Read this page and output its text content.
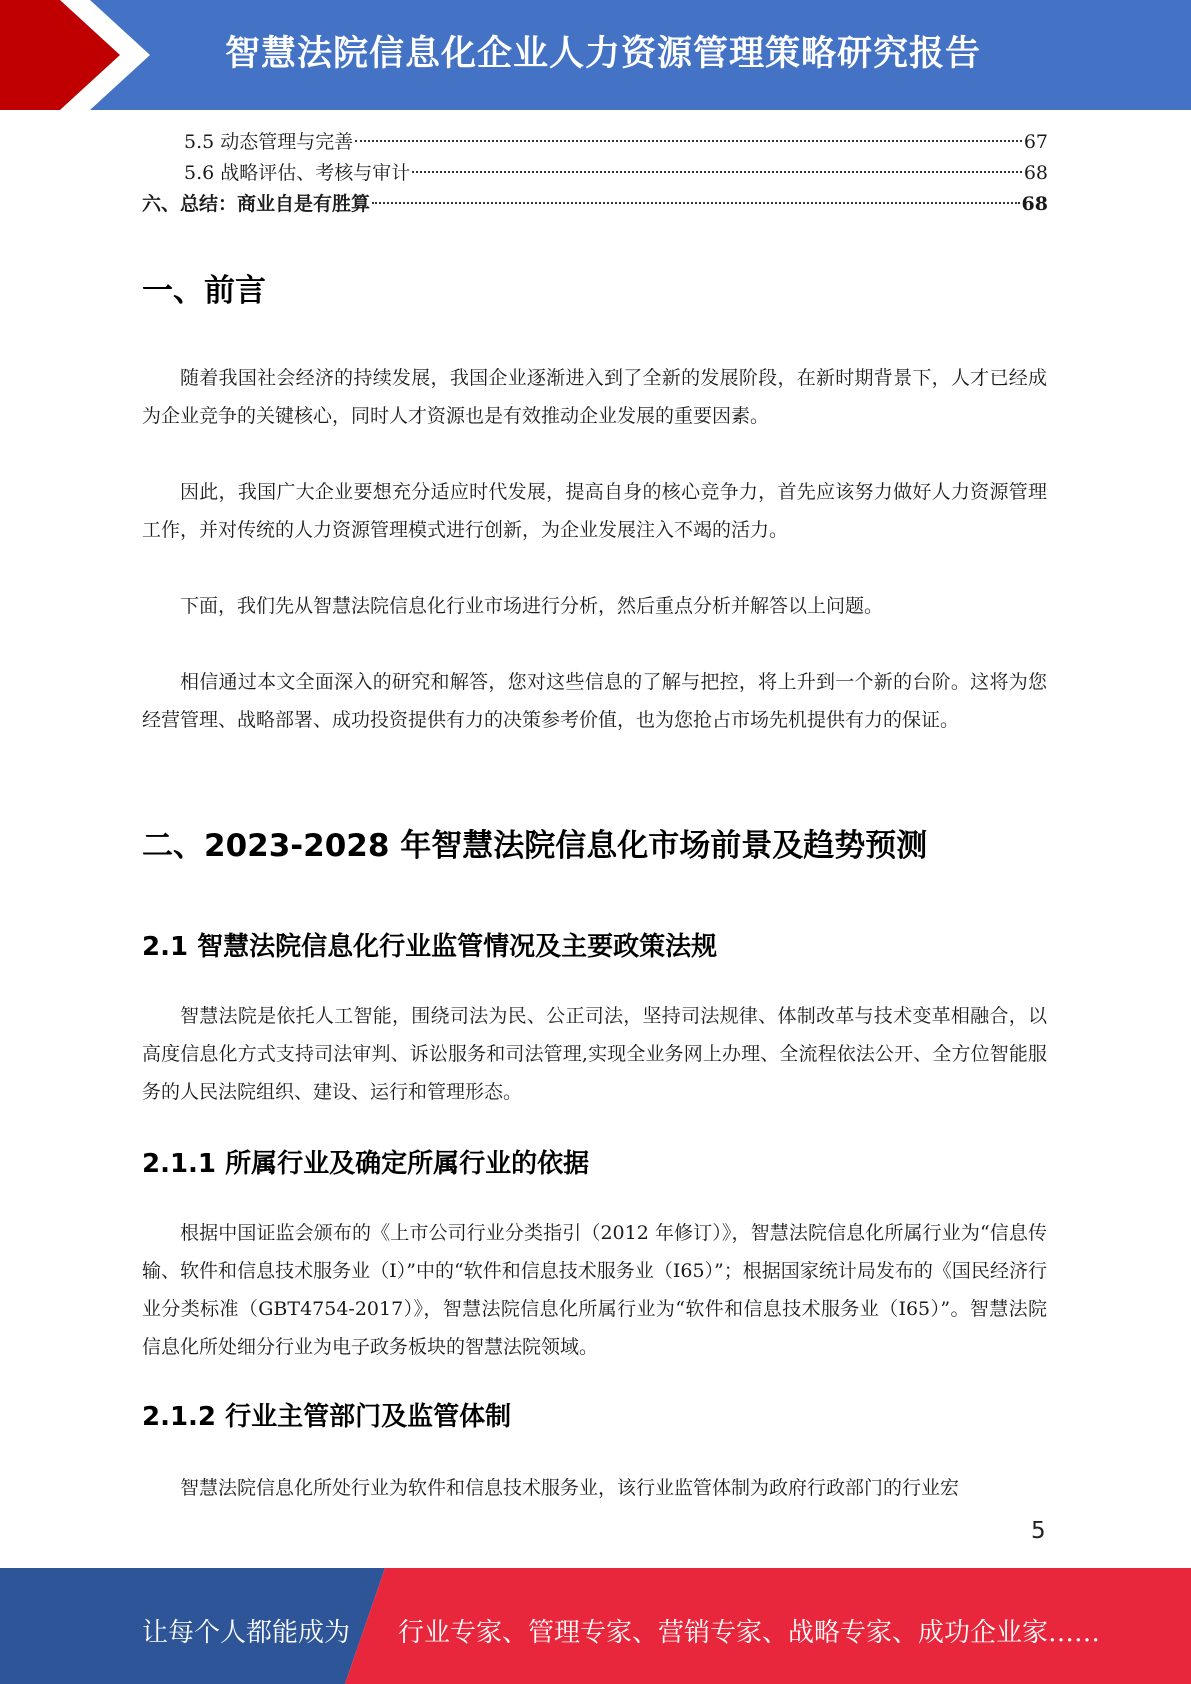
智慧法院信息化企业人力资源管理策略研究报告
5.5 动态管理与完善	67
5.6 战略评估、考核与审计	68
六、总结：商业自是有胜算	68
一、前言

随着我国社会经济的持续发展，我国企业逐渐进入到了全新的发展阶段，在新时期背景下，人才已经成为企业竞争的关键核心，同时人才资源也是有效推动企业发展的重要因素。

因此，我国广大企业要想充分适应时代发展，提高自身的核心竞争力，首先应该努力做好人力资源管理工作，并对传统的人力资源管理模式进行创新，为企业发展注入不竭的活力。

下面，我们先从智慧法院信息化行业市场进行分析，然后重点分析并解答以上问题。

相信通过本文全面深入的研究和解答，您对这些信息的了解与把控，将上升到一个新的台阶。这将为您经营管理、战略部署、成功投资提供有力的决策参考价值，也为您抢占市场先机提供有力的保证。

二、2023-2028 年智慧法院信息化市场前景及趋势预测
2.1 智慧法院信息化行业监管情况及主要政策法规

智慧法院是依托人工智能，围绕司法为民、公正司法，坚持司法规律、体制改革与技术变革相融合，以高度信息化方式支持司法审判、诉讼服务和司法管理,实现全业务网上办理、全流程依法公开、全方位智能服务的人民法院组织、建设、运行和管理形态。

2.1.1 所属行业及确定所属行业的依据

根据中国证监会颁布的《上市公司行业分类指引（2012 年修订）》，智慧法院信息化所属行业为“信息传输、软件和信息技术服务业（I）”中的“软件和信息技术服务业（I65）”；根据国家统计局发布的《国民经济行业分类标准（GBT4754-2017）》，智慧法院信息化所属行业为“软件和信息技术服务业（I65）”。智慧法院信息化所处细分行业为电子政务板块的智慧法院领域。

2.1.2 行业主管部门及监管体制

智慧法院信息化所处行业为软件和信息技术服务业，该行业监管体制为政府行政部门的行业宏

5
让每个人都能成为 行业专家、管理专家、营销专家、战略专家、成功企业家……
